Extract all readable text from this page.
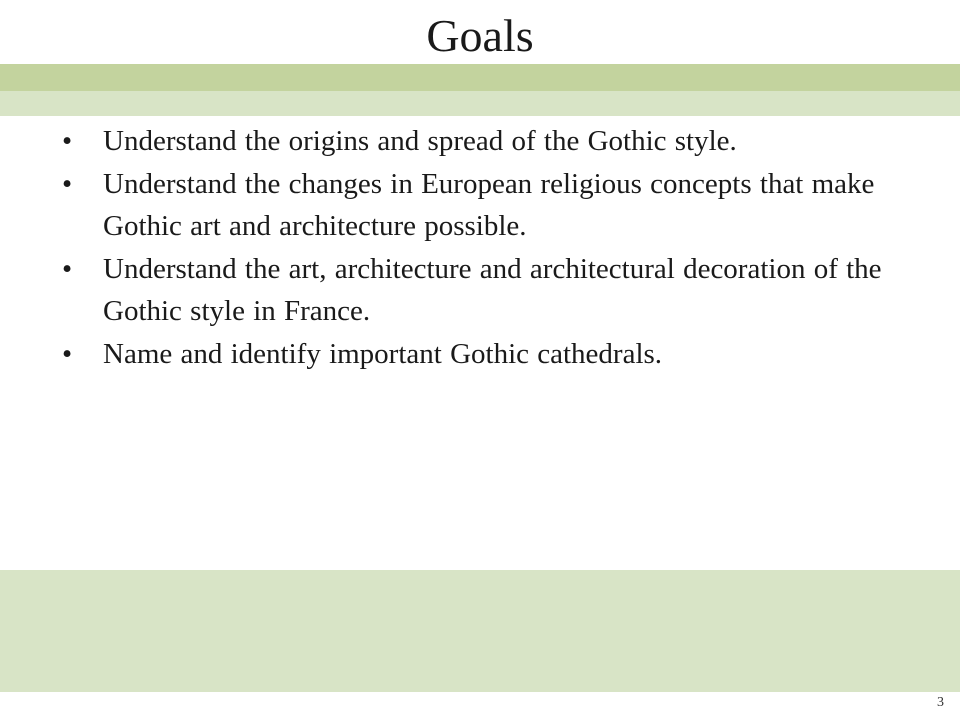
Goals
•	Understand the origins and spread of the Gothic style.
•	Understand the changes in European religious concepts that make Gothic art and architecture possible.
•	Understand the art, architecture and architectural decoration of the Gothic style in France.
•	Name and identify important Gothic cathedrals.
3
